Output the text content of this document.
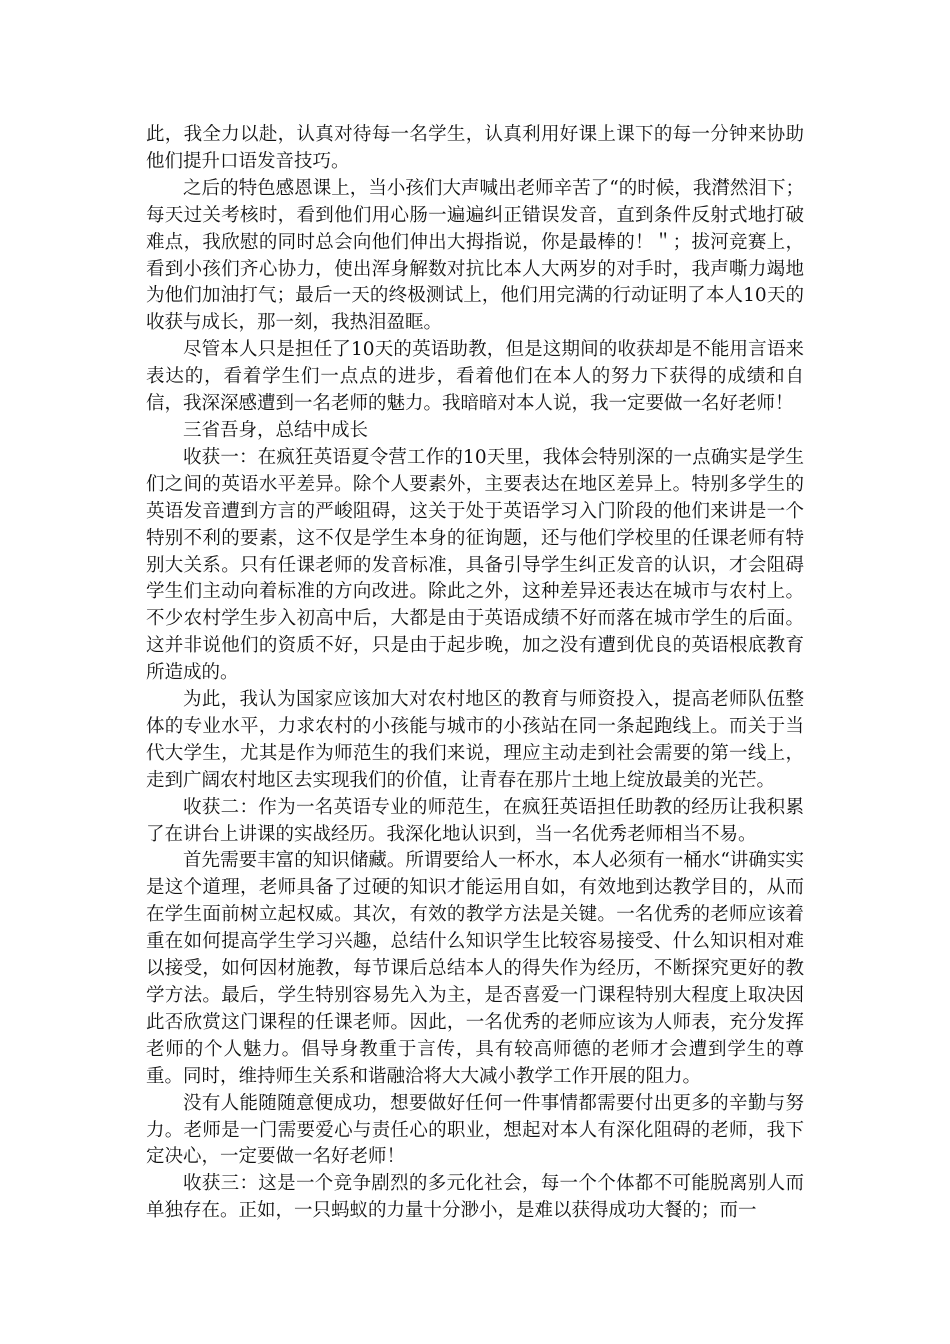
此，我全力以赴，认真对待每一名学生，认真利用好课上课下的每一分钟来协助他们提升口语发音技巧。

之后的特色感恩课上，当小孩们大声喊出老师辛苦了“的时候，我潸然泪下；每天过关考核时，看到他们用心肠一遍遍纠正错误发音，直到条件反射式地打破难点，我欣慰的同时总会向他们伸出大拇指说，你是最棒的！＂；拔河竞赛上，看到小孩们齐心协力，使出浑身解数对抗比本人大两岁的对手时，我声嘶力竭地为他们加油打气；最后一天的终极测试上，他们用完满的行动证明了本人10天的收获与成长，那一刻，我热泪盈眶。

尽管本人只是担任了10天的英语助教，但是这期间的收获却是不能用言语来表达的，看着学生们一点点的进步，看着他们在本人的努力下获得的成绩和自信，我深深感遭到一名老师的魅力。我暗暗对本人说，我一定要做一名好老师！

三省吾身，总结中成长

收获一：在疯狂英语夏令营工作的10天里，我体会特别深的一点确实是学生们之间的英语水平差异。除个人要素外，主要表达在地区差异上。特别多学生的英语发音遭到方言的严峻阻碍，这关于处于英语学习入门阶段的他们来讲是一个特别不利的要素，这不仅是学生本身的征询题，还与他们学校里的任课老师有特别大关系。只有任课老师的发音标准，具备引导学生纠正发音的认识，才会阻碍学生们主动向着标准的方向改进。除此之外，这种差异还表达在城市与农村上。不少农村学生步入初高中后，大都是由于英语成绩不好而落在城市学生的后面。这并非说他们的资质不好，只是由于起步晚，加之没有遭到优良的英语根底教育所造成的。

为此，我认为国家应该加大对农村地区的教育与师资投入，提高老师队伍整体的专业水平，力求农村的小孩能与城市的小孩站在同一条起跑线上。而关于当代大学生，尤其是作为师范生的我们来说，理应主动走到社会需要的第一线上，走到广阔农村地区去实现我们的价值，让青春在那片土地上绽放最美的光芒。

收获二：作为一名英语专业的师范生，在疯狂英语担任助教的经历让我积累了在讲台上讲课的实战经历。我深化地认识到，当一名优秀老师相当不易。

首先需要丰富的知识储藏。所谓要给人一杯水，本人必须有一桶水“讲确实实是这个道理，老师具备了过硬的知识才能运用自如，有效地到达教学目的，从而在学生面前树立起权威。其次，有效的教学方法是关键。一名优秀的老师应该着重在如何提高学生学习兴趣，总结什么知识学生比较容易接受、什么知识相对难以接受，如何因材施教，每节课后总结本人的得失作为经历，不断探究更好的教学方法。最后，学生特别容易先入为主，是否喜爱一门课程特别大程度上取决因此否欣赏这门课程的任课老师。因此，一名优秀的老师应该为人师表，充分发挥老师的个人魅力。倡导身教重于言传，具有较高师德的老师才会遭到学生的尊重。同时，维持师生关系和谐融洽将大大减小教学工作开展的阻力。

没有人能随随意便成功，想要做好任何一件事情都需要付出更多的辛勤与努力。老师是一门需要爱心与责任心的职业，想起对本人有深化阻碍的老师，我下定决心，一定要做一名好老师！

收获三：这是一个竞争剧烈的多元化社会，每一个个体都不可能脱离别人而单独存在。正如，一只蚂蚁的力量十分渺小，是难以获得成功大餐的；而一
